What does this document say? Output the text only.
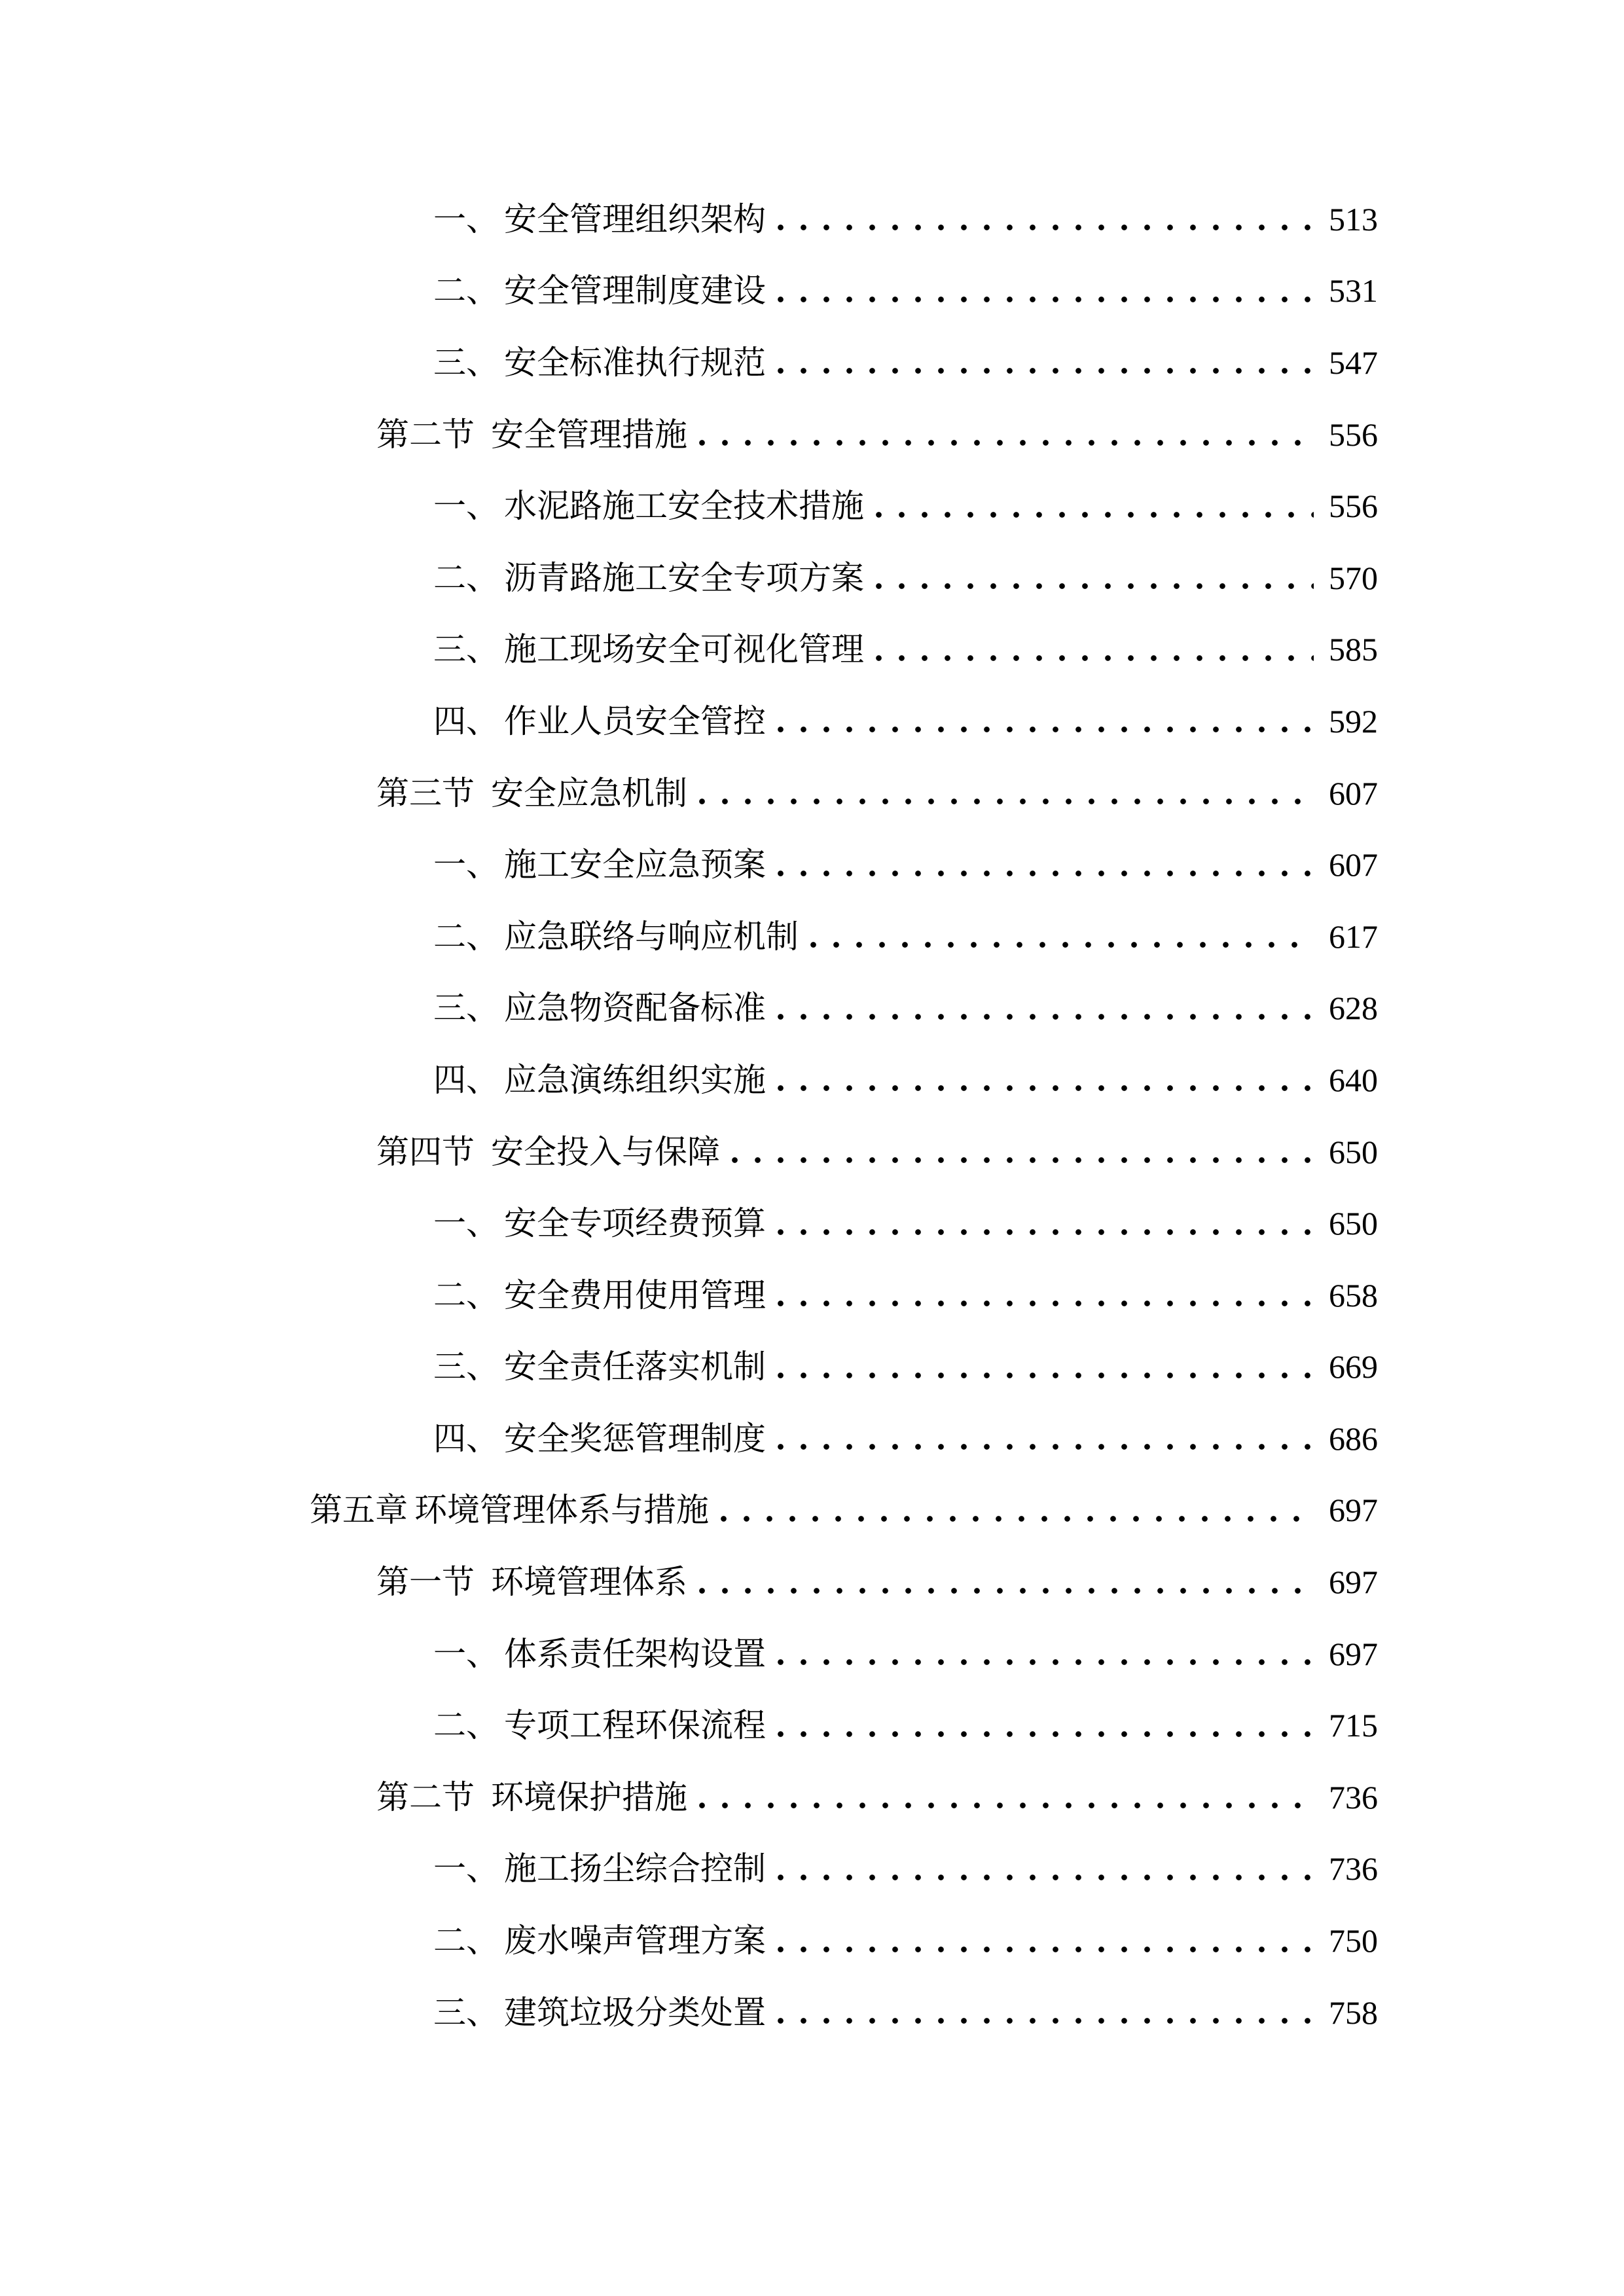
一、 安全管理组织架构	513
二、 安全管理制度建设	531
三、 安全标准执行规范	547
第二节 安全管理措施	556
一、 水泥路施工安全技术措施	556
二、 沥青路施工安全专项方案	570
三、 施工现场安全可视化管理	585
四、 作业人员安全管控	592
第三节 安全应急机制	607
一、 施工安全应急预案	607
二、 应急联络与响应机制	617
三、 应急物资配备标准	628
四、 应急演练组织实施	640
第四节 安全投入与保障	650
一、 安全专项经费预算	650
二、 安全费用使用管理	658
三、 安全责任落实机制	669
四、 安全奖惩管理制度	686
第五章 环境管理体系与措施	697
第一节 环境管理体系	697
一、 体系责任架构设置	697
二、 专项工程环保流程	715
第二节 环境保护措施	736
一、 施工扬尘综合控制	736
二、 废水噪声管理方案	750
三、 建筑垃圾分类处置	758
